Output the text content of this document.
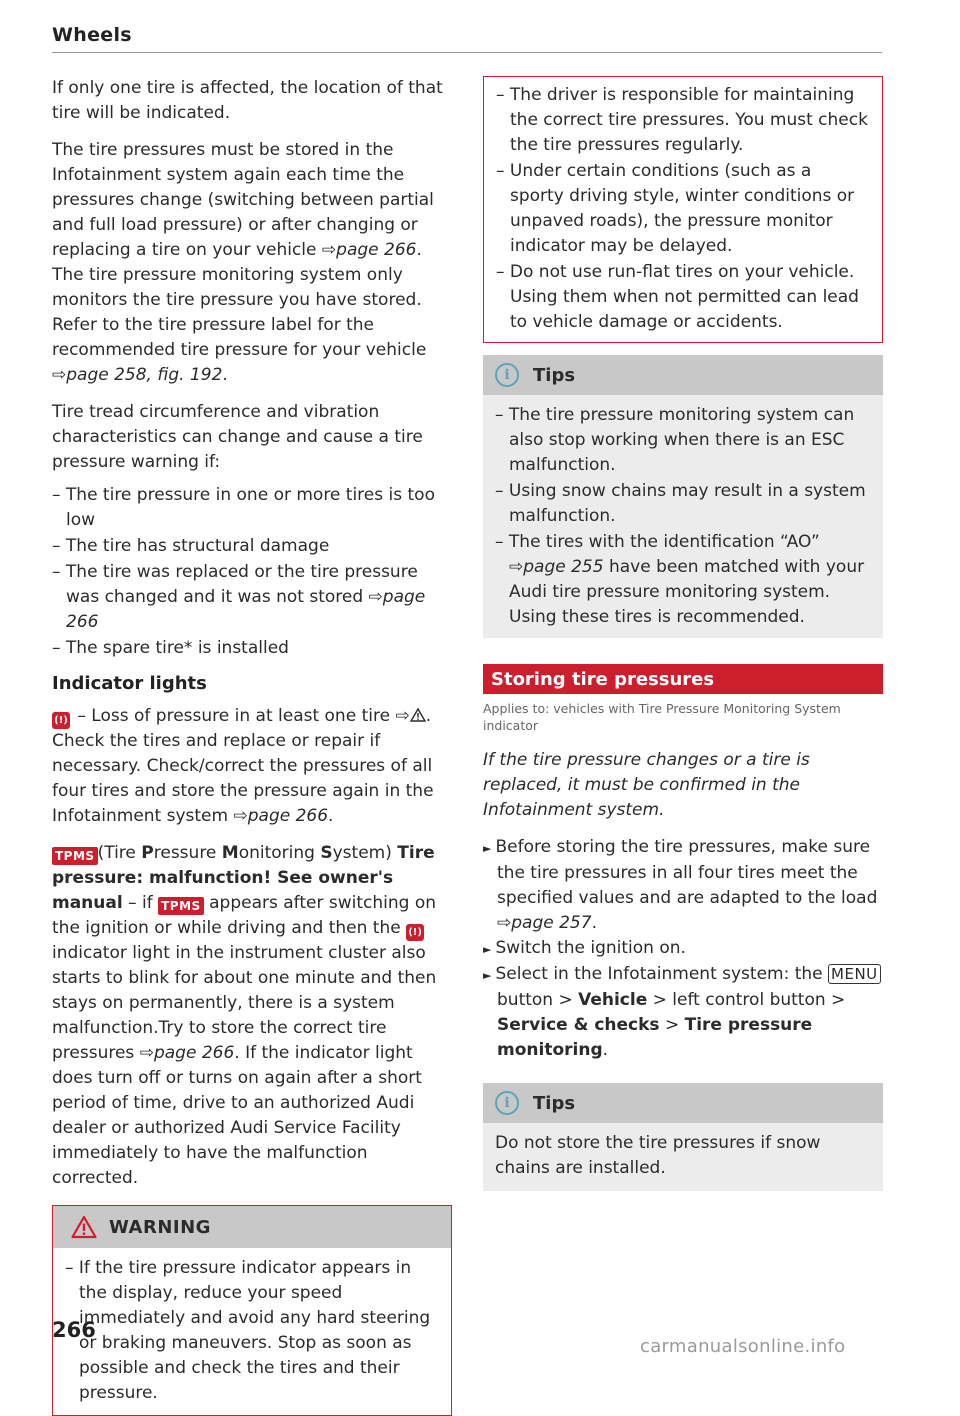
Wheels

If only one tire is affected, the location of that tire will be indicated.

The tire pressures must be stored in the Infotainment system again each time the pressures change (switching between partial and full load pressure) or after changing or replacing a tire on your vehicle ⇨page 266. The tire pressure monitoring system only monitors the tire pressure you have stored. Refer to the tire pressure label for the recommended tire pressure for your vehicle ⇨page 258, fig. 192.

Tire tread circumference and vibration characteristics can change and cause a tire pressure warning if:

– The tire pressure in one or more tires is too low
– The tire has structural damage
– The tire was replaced or the tire pressure was changed and it was not stored ⇨page 266
– The spare tire* is installed
Indicator lights

(!) – Loss of pressure in at least one tire ⇨ . Check the tires and replace or repair if necessary. Check/correct the pressures of all four tires and store the pressure again in the Infotainment system ⇨page 266.

TPMS (Tire Pressure Monitoring System) Tire pressure: malfunction! See owner's manual – if TPMS appears after switching on the ignition or while driving and then the (!) indicator light in the instrument cluster also starts to blink for about one minute and then stays on permanently, there is a system malfunction.Try to store the correct tire pressures ⇨page 266. If the indicator light does turn off or turns on again after a short period of time, drive to an authorized Audi dealer or authorized Audi Service Facility immediately to have the malfunction corrected.

WARNING
– If the tire pressure indicator appears in the display, reduce your speed immediately and avoid any hard steering or braking maneuvers. Stop as soon as possible and check the tires and their pressure.
– The driver is responsible for maintaining the correct tire pressures. You must check the tire pressures regularly.
– Under certain conditions (such as a sporty driving style, winter conditions or unpaved roads), the pressure monitor indicator may be delayed.
– Do not use run-flat tires on your vehicle. Using them when not permitted can lead to vehicle damage or accidents.
i	Tips
– The tire pressure monitoring system can also stop working when there is an ESC malfunction.
– Using snow chains may result in a system malfunction.
– The tires with the identification “AO” ⇨page 255 have been matched with your Audi tire pressure monitoring system. Using these tires is recommended.
Storing tire pressures
Applies to: vehicles with Tire Pressure Monitoring System indicator
If the tire pressure changes or a tire is replaced, it must be confirmed in the Infotainment system.
► Before storing the tire pressures, make sure the tire pressures in all four tires meet the specified values and are adapted to the load ⇨page 257.
► Switch the ignition on.
► Select in the Infotainment system: the MENU button > Vehicle > left control button > Service & checks > Tire pressure monitoring.
i	Tips

Do not store the tire pressures if snow chains are installed.

266
carmanualsonline.info
